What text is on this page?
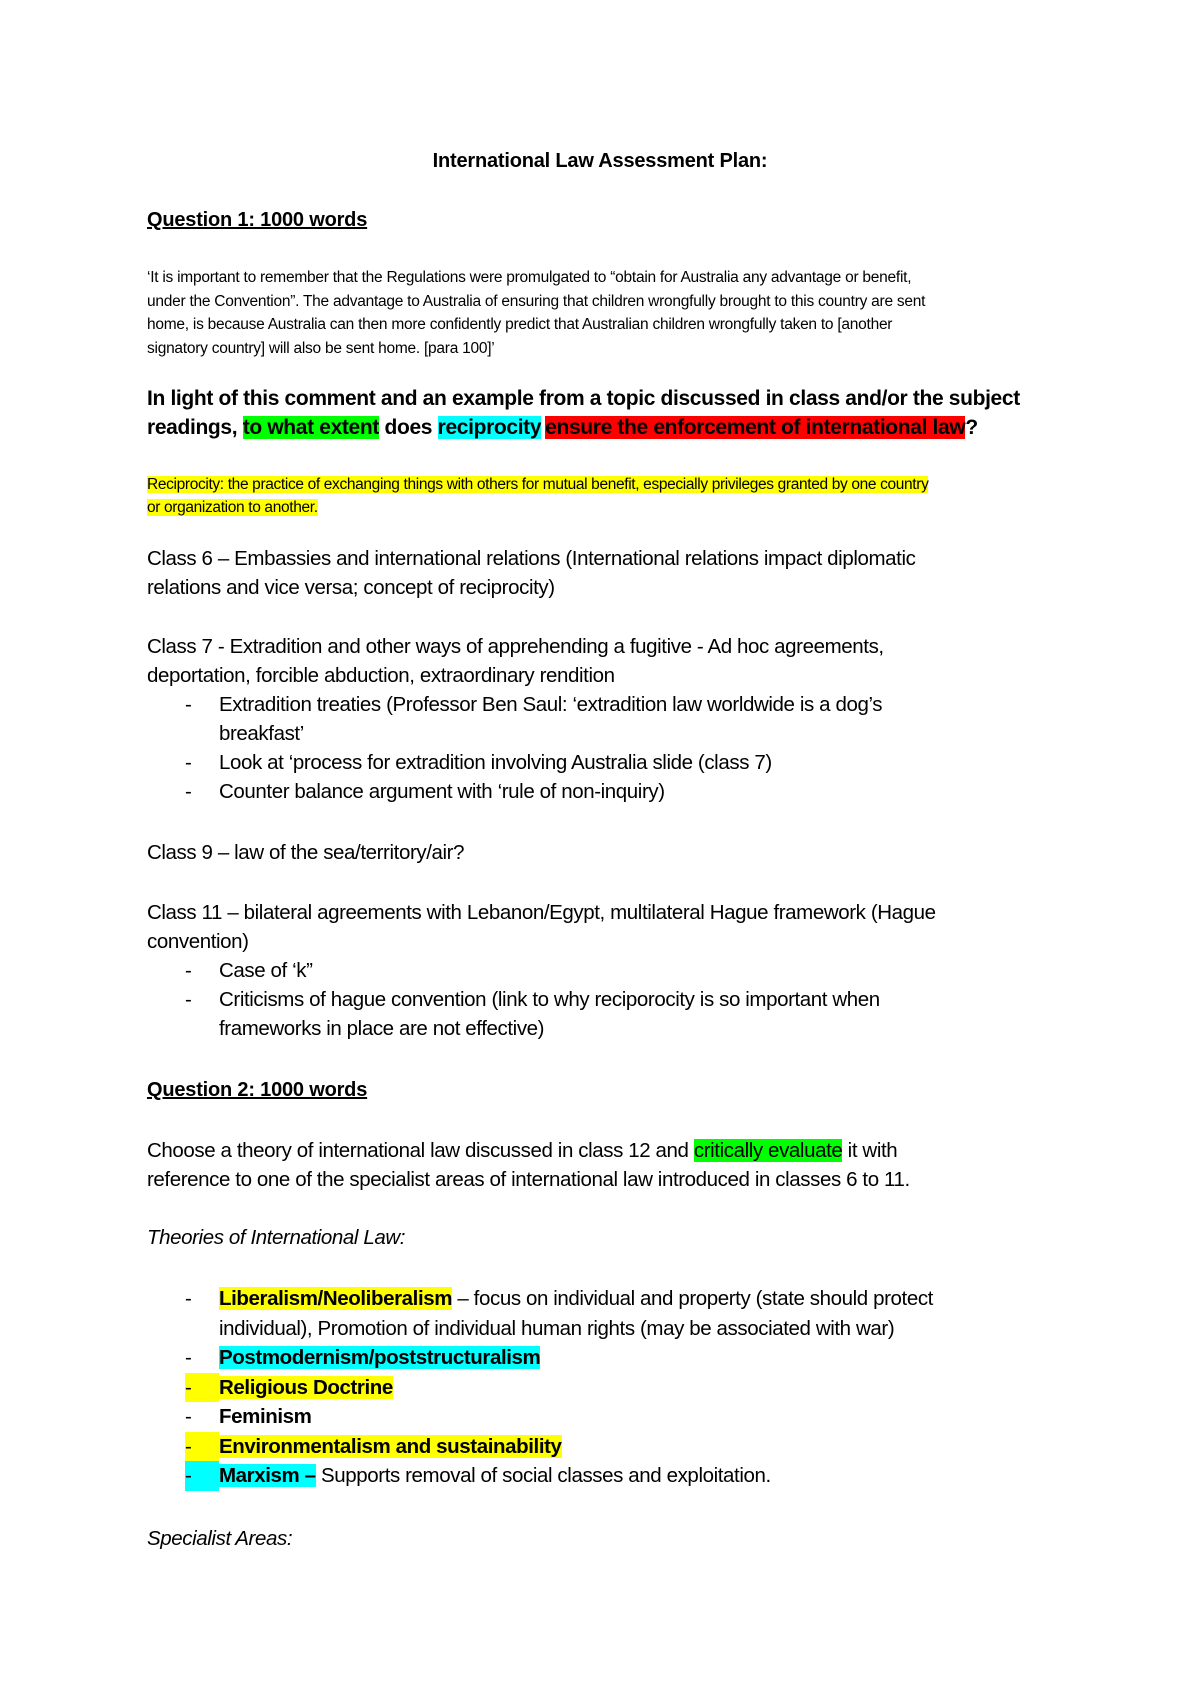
International Law Assessment Plan:
Question 1: 1000 words
‘It is important to remember that the Regulations were promulgated to “obtain for Australia any advantage or benefit,
under the Convention”. The advantage to Australia of ensuring that children wrongfully brought to this country are sent
home, is because Australia can then more confidently predict that Australian children wrongfully taken to [another
signatory country] will also be sent home. [para 100]’
In light of this comment and an example from a topic discussed in class and/or the subject
readings, to what extent does reciprocity ensure the enforcement of international law?
Reciprocity: the practice of exchanging things with others for mutual benefit, especially privileges granted by one country
or organization to another.
Class 6 – Embassies and international relations (International relations impact diplomatic
relations and vice versa; concept of reciprocity)
Class 7 - Extradition and other ways of apprehending a fugitive - Ad hoc agreements,
deportation, forcible abduction, extraordinary rendition
- Extradition treaties (Professor Ben Saul: ‘extradition law worldwide is a dog’s
breakfast’
- Look at ‘process for extradition involving Australia slide (class 7)
- Counter balance argument with ‘rule of non-inquiry)
Class 9 – law of the sea/territory/air?
Class 11 – bilateral agreements with Lebanon/Egypt, multilateral Hague framework (Hague
convention)
- Case of ‘k”
- Criticisms of hague convention (link to why reciporocity is so important when
frameworks in place are not effective)
Question 2: 1000 words
Choose a theory of international law discussed in class 12 and critically evaluate it with
reference to one of the specialist areas of international law introduced in classes 6 to 11.
Theories of International Law:
- Liberalism/Neoliberalism – focus on individual and property (state should protect
individual), Promotion of individual human rights (may be associated with war)
- Postmodernism/poststructuralism
-	Religious Doctrine
- Feminism
-	Environmentalism and sustainability
-	Marxism – Supports removal of social classes and exploitation.
Specialist Areas:
